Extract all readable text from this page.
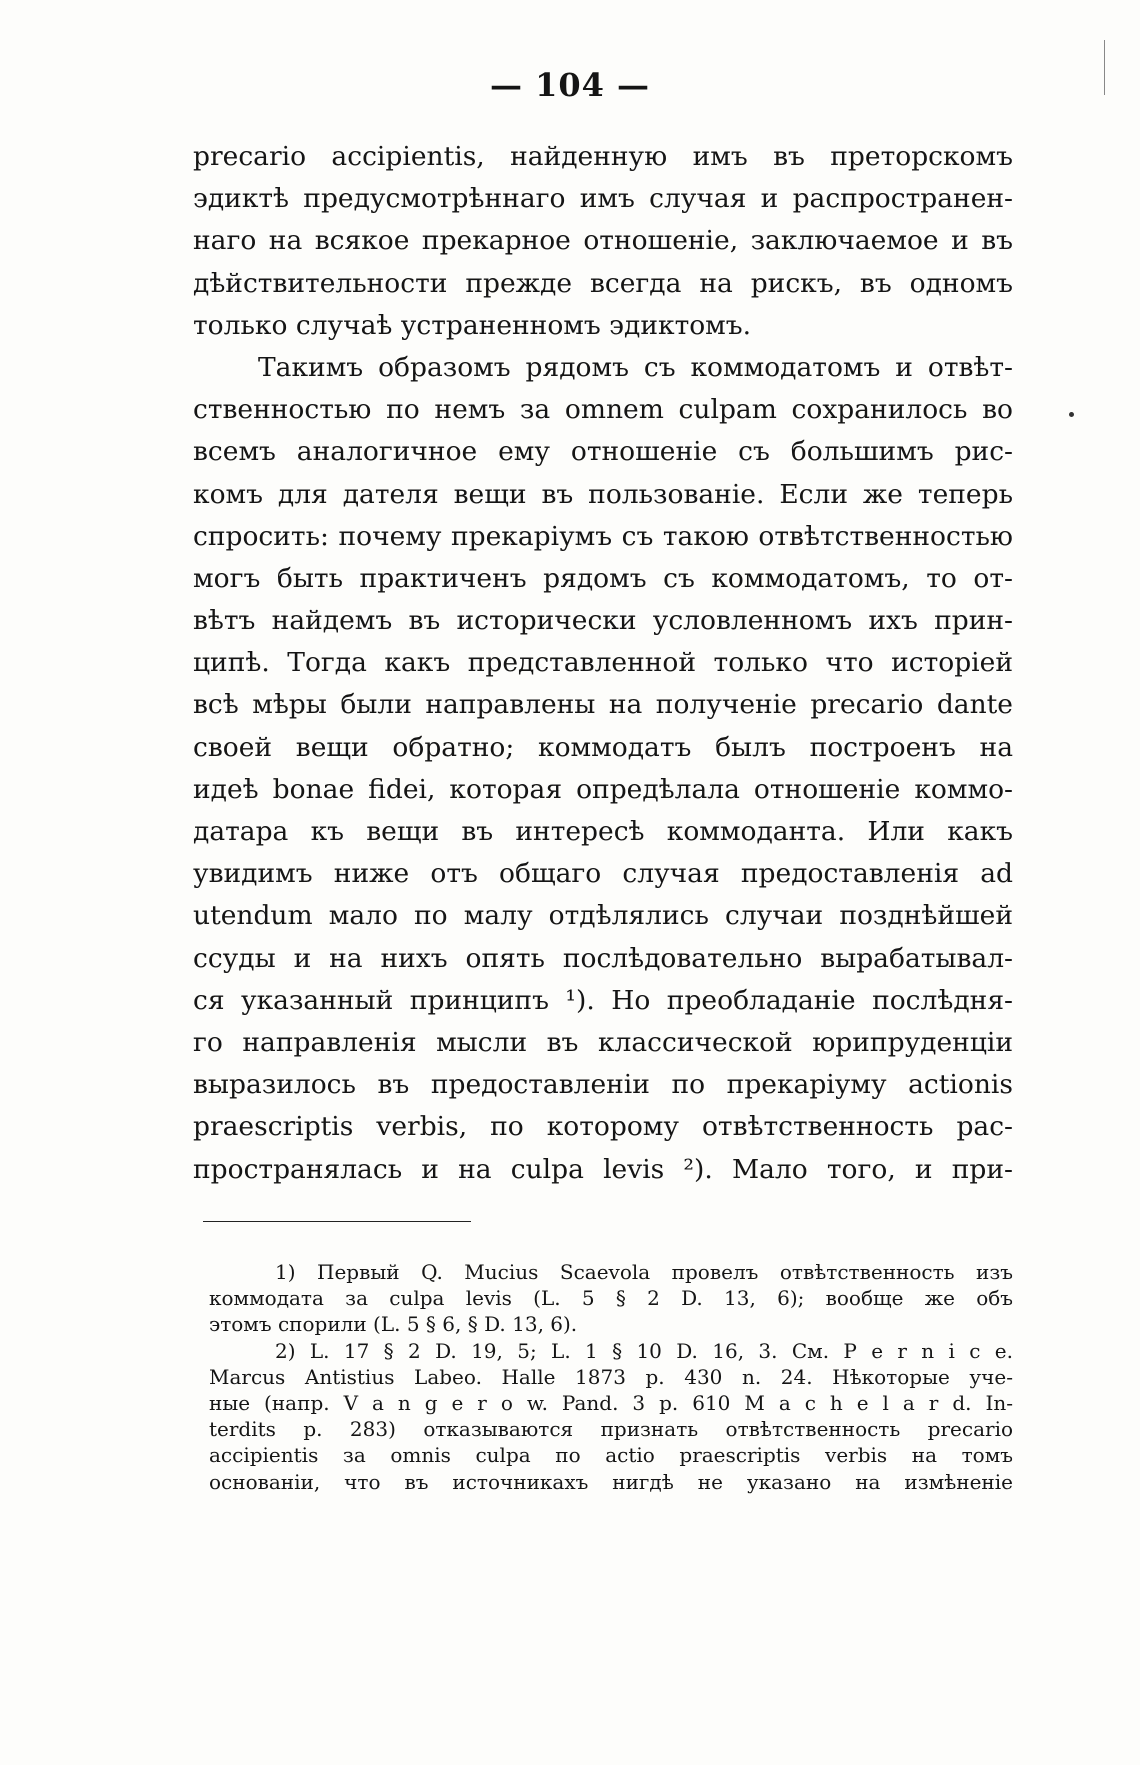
— 104 —
precario accipientis, найденную имъ въ преторскомъ
эдиктѣ предусмотрѣннаго имъ случая и распространен-
наго на всякое прекарное отношеніе, заключаемое и въ
дѣйствительности прежде всегда на рискъ, въ одномъ
только случаѣ устраненномъ эдиктомъ.
Такимъ образомъ рядомъ съ коммодатомъ и отвѣт-
ственностью по немъ за omnem culpam сохранилось во
всемъ аналогичное ему отношеніе съ большимъ рис-
комъ для дателя вещи въ пользованіе. Если же теперь
спросить: почему прекаріумъ съ такою отвѣтственностью
могъ быть практиченъ рядомъ съ коммодатомъ, то от-
вѣтъ найдемъ въ исторически условленномъ ихъ прин-
ципѣ. Тогда какъ представленной только что исторіей
всѣ мѣры были направлены на полученіе precario dante
своей вещи обратно; коммодатъ былъ построенъ на
идеѣ bonae fidei, которая опредѣлала отношеніе коммо-
датара къ вещи въ интересѣ коммоданта. Или какъ
увидимъ ниже отъ общаго случая предоставленія ad
utendum мало по малу отдѣлялись случаи позднѣйшей
ссуды и на нихъ опять послѣдовательно вырабатывал-
ся указанный принципъ ¹). Но преобладаніе послѣдня-
го направленія мысли въ классической юрипруденціи
выразилось въ предоставленіи по прекаріуму actionis
praescriptis verbis, по которому отвѣтственность рас-
пространялась и на culpa levis ²). Мало того, и при-
1) Первый Q. Mucius Scaevola провелъ отвѣтственность изъ
коммодата за culpa levis (L. 5 § 2 D. 13, 6); вообще же объ
этомъ спорили (L. 5 § 6, § D. 13, 6).
2) L. 17 § 2 D. 19, 5; L. 1 § 10 D. 16, 3. См. P e r n i c e.
Marcus Antistius Labeo. Halle 1873 p. 430 n. 24. Нѣкоторые уче-
ные (напр. V a n g e r o w. Pand. 3 p. 610 M a c h e l a r d. In-
terdits p. 283) отказываются признать отвѣтственность precario
accipientis за omnis culpa по actio praescriptis verbis на томъ
основаніи, что въ источникахъ нигдѣ не указано на измѣненіе
